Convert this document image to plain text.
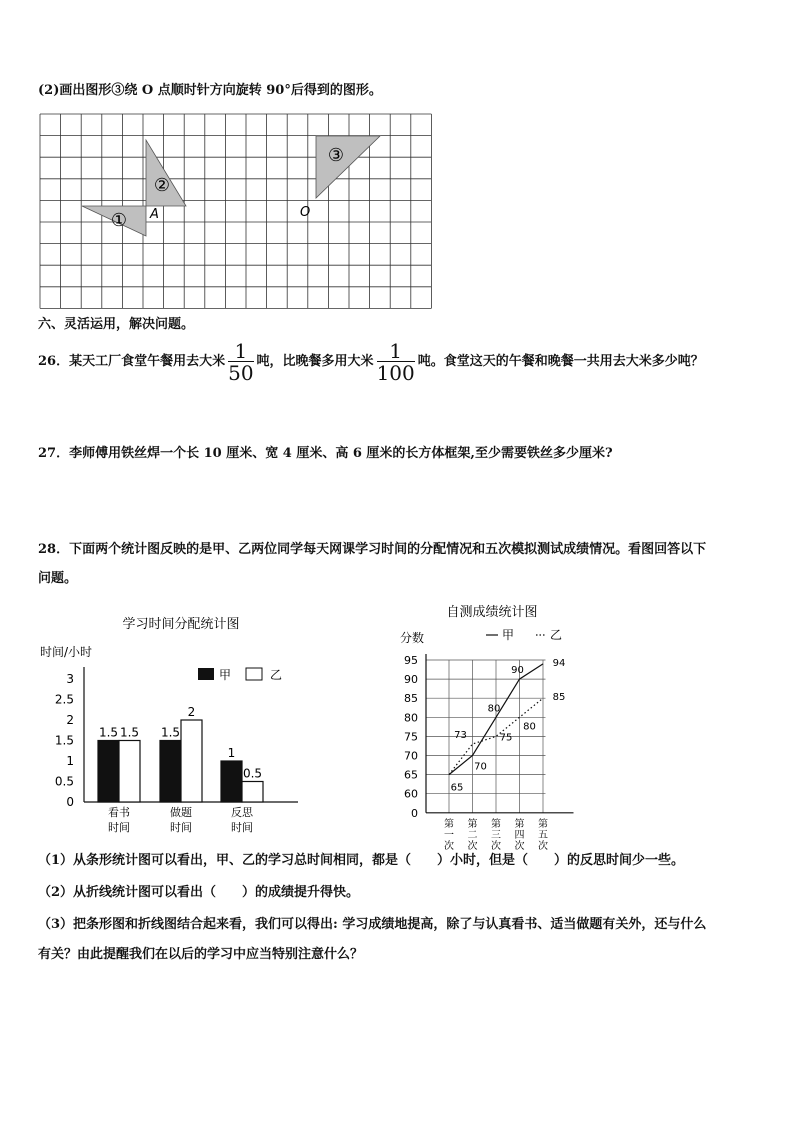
(2)画出图形③绕 O 点顺时针方向旋转 90°后得到的图形。
①
②
③
A	O
六、灵活运用，解决问题。
26．某天工厂食堂午餐用去大米 $\frac{1}{50}$ 吨，比晚餐多用大米 $\frac{1}{100}$ 吨。食堂这天的午餐和晚餐一共用去大米多少吨？
27．李师傅用铁丝焊一个长 10 厘米、宽 4 厘米、高 6 厘米的长方体框架,至少需要铁丝多少厘米?
28．下面两个统计图反映的是甲、乙两位同学每天网课学习时间的分配情况和五次模拟测试成绩情况。看图回答以下
问题。
学习时间分配统计图
时间/小时
0
0.5
1
1.5
2
2.5
3	甲	乙
1.5 1.5
看书
时间
1.5
2
做题
时间
1
0.5
反思
时间
自测成绩统计图
分数	甲	乙
0
60
65
70
75
80
85
90
95
70
80
90
94
65
73	75
80
85
第
一
次
第
二
次
第
三
次
第
四
次
第
五
次
（1）从条形统计图可以看出，甲、乙的学习总时间相同，都是（　　）小时，但是（　　）的反思时间少一些。
（2）从折线统计图可以看出（　　）的成绩提升得快。
（3）把条形图和折线图结合起来看，我们可以得出: 学习成绩地提高，除了与认真看书、适当做题有关外，还与什么
有关？由此提醒我们在以后的学习中应当特别注意什么？
